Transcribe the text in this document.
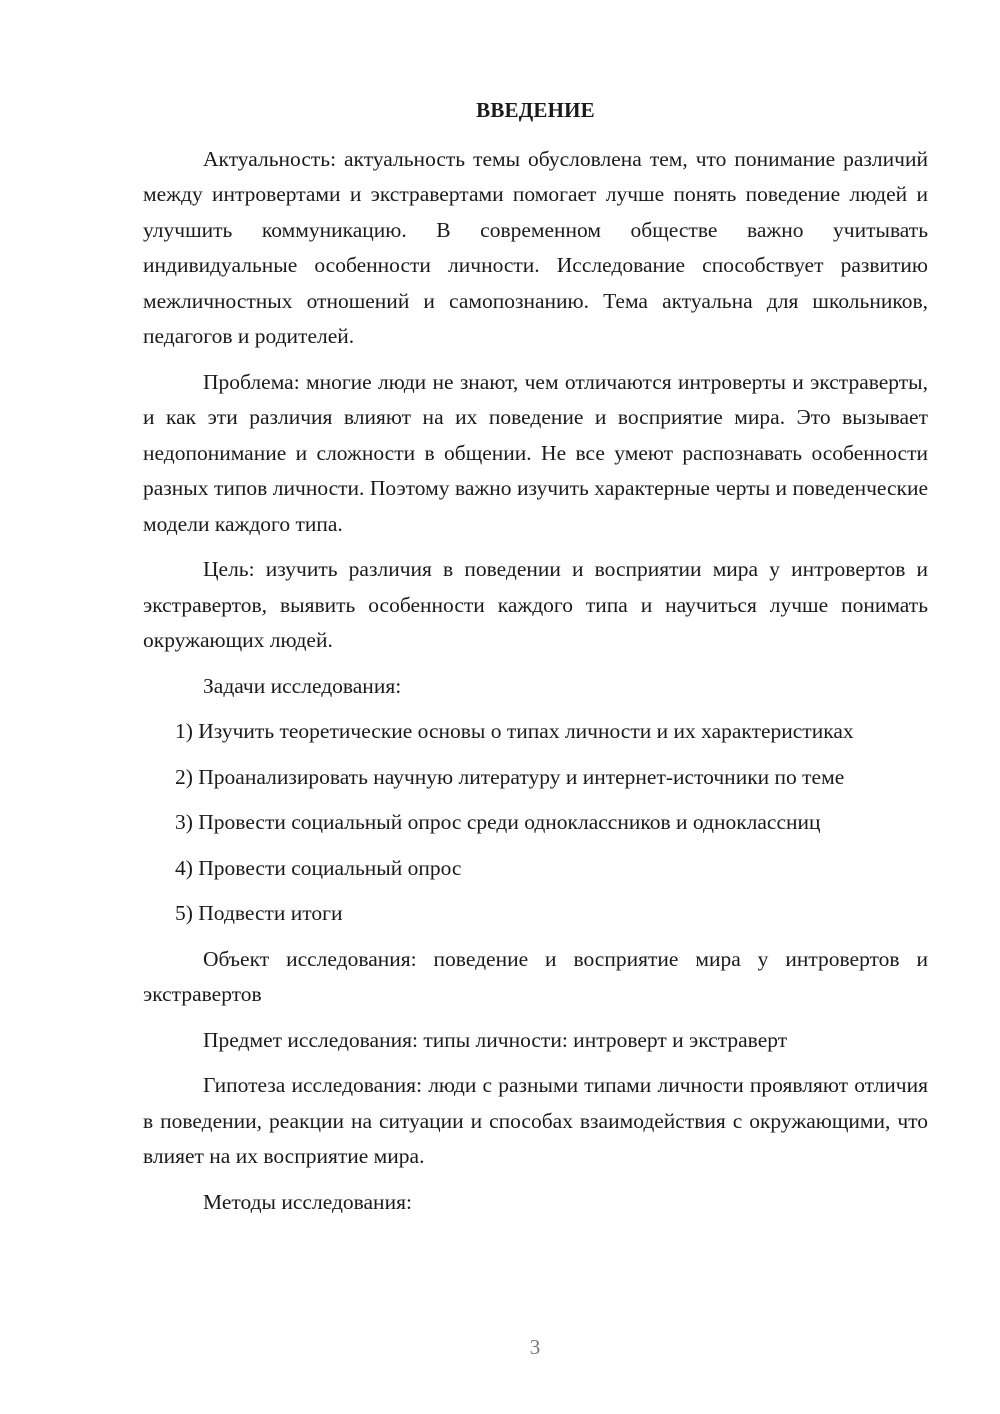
ВВЕДЕНИЕ

Актуальность: актуальность темы обусловлена тем, что понимание различий между интровертами и экстравертами помогает лучше понять поведение людей и улучшить коммуникацию. В современном обществе важно учитывать индивидуальные особенности личности. Исследование способствует развитию межличностных отношений и самопознанию. Тема актуальна для школьников, педагогов и родителей.

Проблема: многие люди не знают, чем отличаются интроверты и экстраверты, и как эти различия влияют на их поведение и восприятие мира. Это вызывает недопонимание и сложности в общении. Не все умеют распознавать особенности разных типов личности. Поэтому важно изучить характерные черты и поведенческие модели каждого типа.

Цель: изучить различия в поведении и восприятии мира у интровертов и экстравертов, выявить особенности каждого типа и научиться лучше понимать окружающих людей.

Задачи исследования:

1) Изучить теоретические основы о типах личности и их характеристиках

2) Проанализировать научную литературу и интернет-источники по теме

3) Провести социальный опрос среди одноклассников и одноклассниц

4) Провести социальный опрос

5) Подвести итоги

Объект исследования: поведение и восприятие мира у интровертов и экстравертов

Предмет исследования: типы личности: интроверт и экстраверт

Гипотеза исследования: люди с разными типами личности проявляют отличия в поведении, реакции на ситуации и способах взаимодействия с окружающими, что влияет на их восприятие мира.

Методы исследования:

3
